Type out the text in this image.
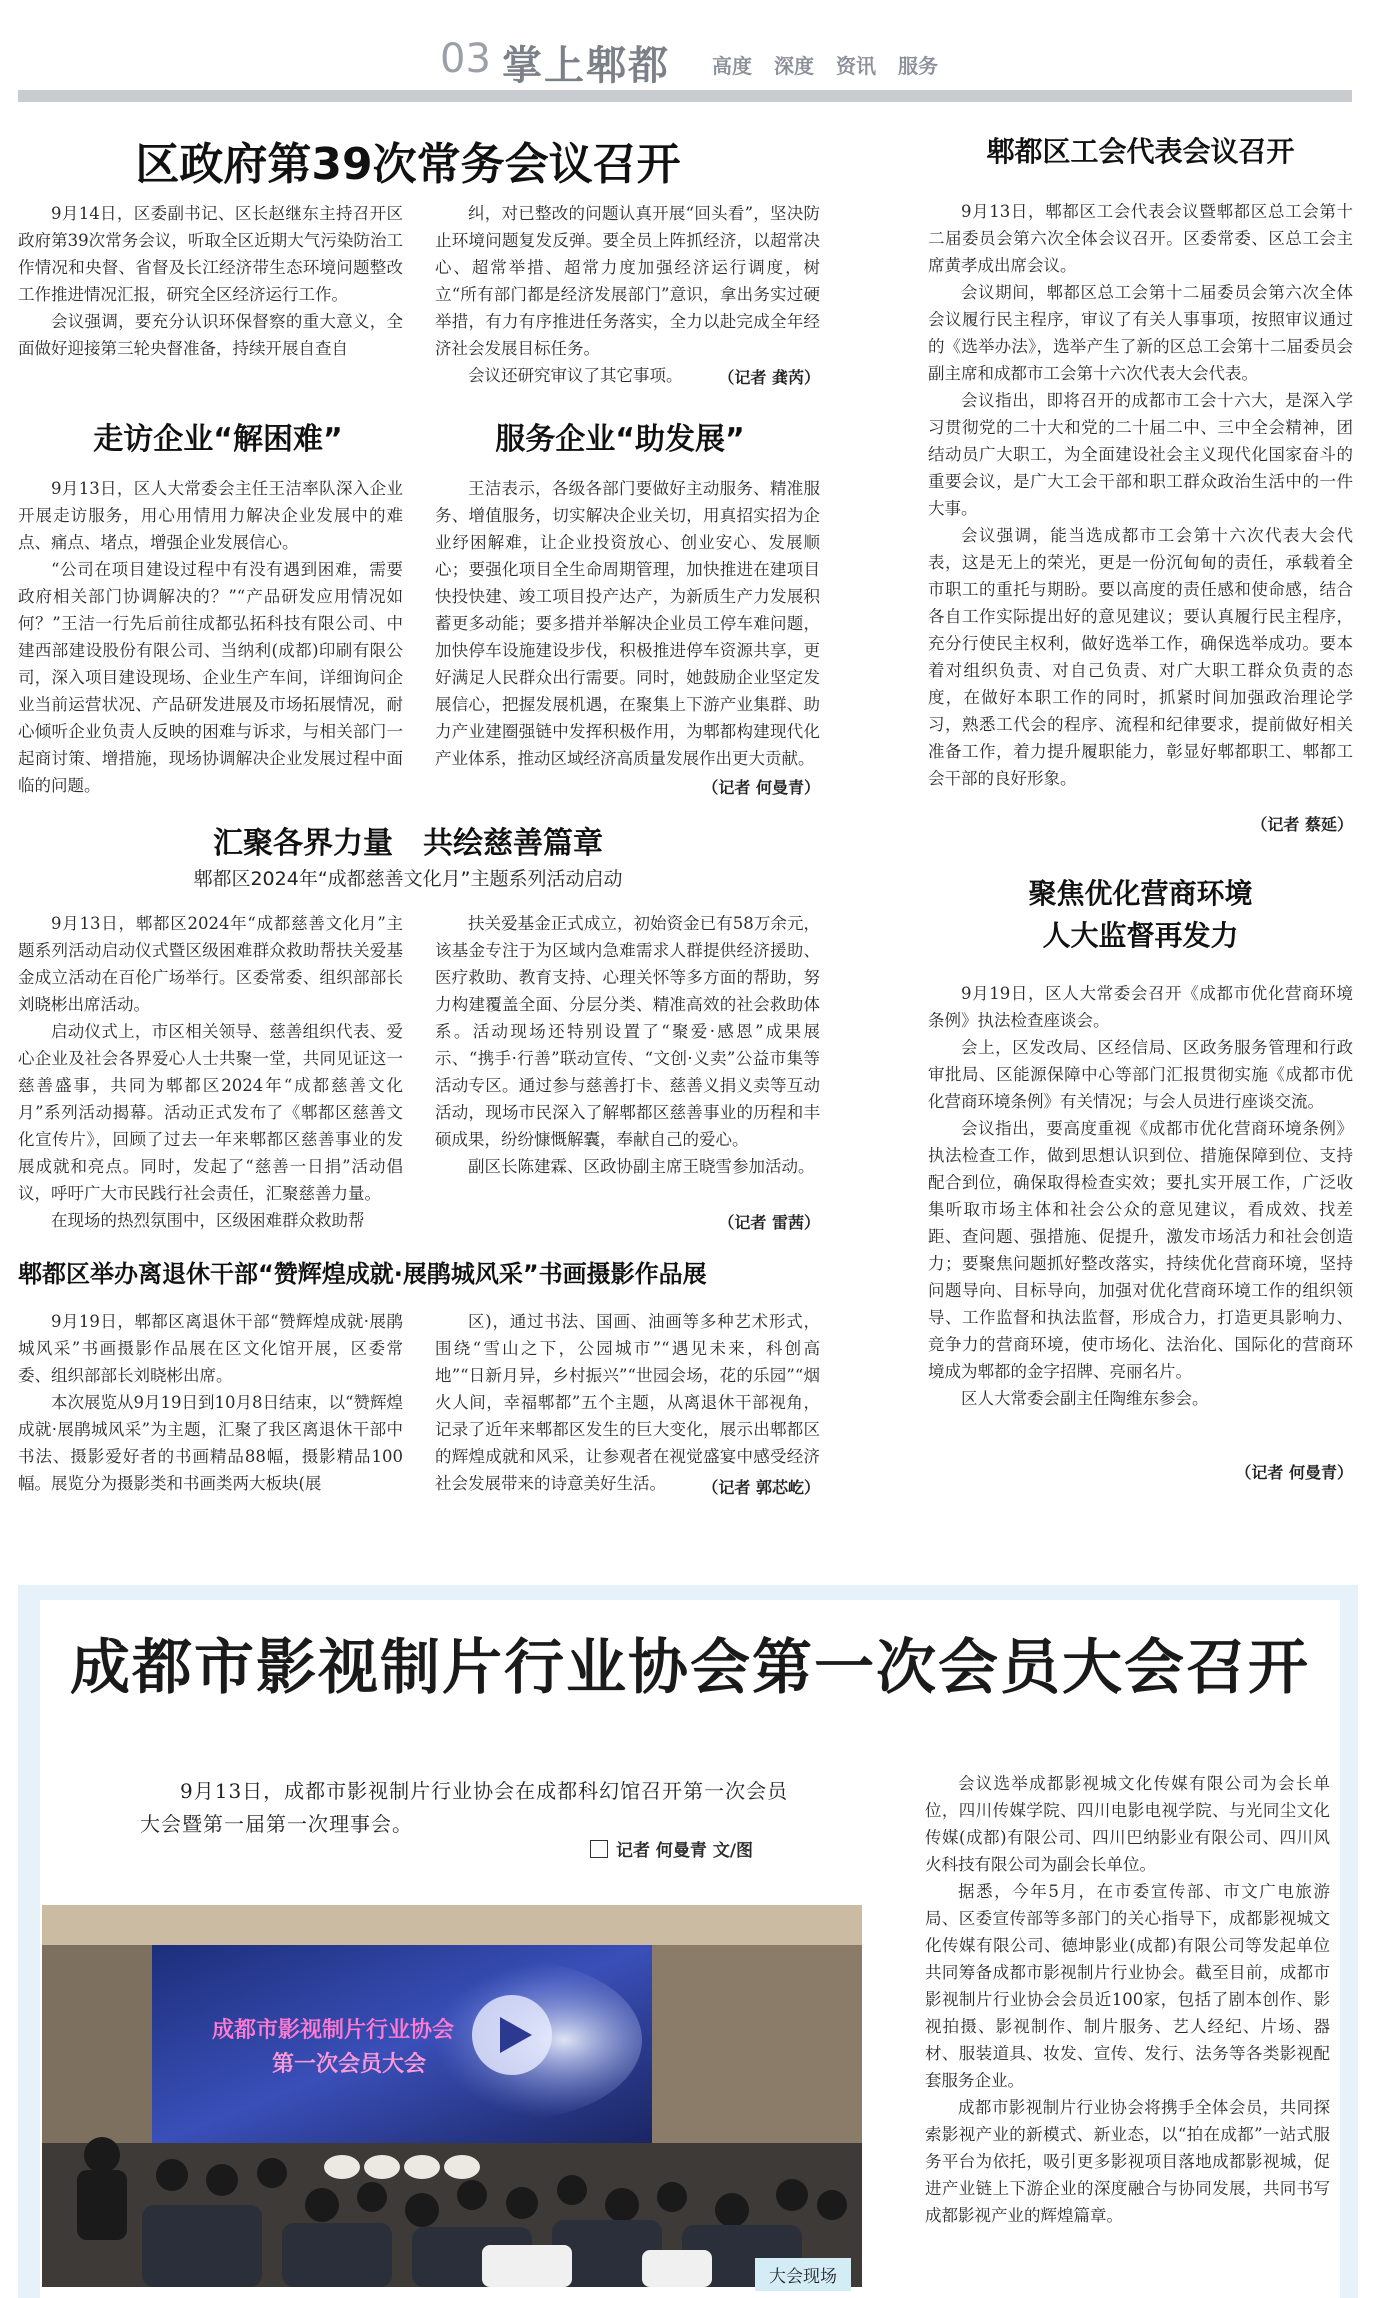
03 掌上郫都 高度 深度 资讯 服务
区政府第39次常务会议召开

9月14日，区委副书记、区长赵继东主持召开区政府第39次常务会议，听取全区近期大气污染防治工作情况和央督、省督及长江经济带生态环境问题整改工作推进情况汇报，研究全区经济运行工作。

会议强调，要充分认识环保督察的重大意义，全面做好迎接第三轮央督准备，持续开展自查自

纠，对已整改的问题认真开展“回头看”，坚决防止环境问题复发反弹。要全员上阵抓经济，以超常决心、超常举措、超常力度加强经济运行调度，树立“所有部门都是经济发展部门”意识，拿出务实过硬举措，有力有序推进任务落实，全力以赴完成全年经济社会发展目标任务。

会议还研究审议了其它事项。	（记者 龚芮）
走访企业“解困难”	服务企业“助发展”

9月13日，区人大常委会主任王洁率队深入企业开展走访服务，用心用情用力解决企业发展中的难点、痛点、堵点，增强企业发展信心。

“公司在项目建设过程中有没有遇到困难，需要政府相关部门协调解决的？”“产品研发应用情况如何？”王洁一行先后前往成都弘拓科技有限公司、中建西部建设股份有限公司、当纳利(成都)印刷有限公司，深入项目建设现场、企业生产车间，详细询问企业当前运营状况、产品研发进展及市场拓展情况，耐心倾听企业负责人反映的困难与诉求，与相关部门一起商讨策、增措施，现场协调解决企业发展过程中面临的问题。

王洁表示，各级各部门要做好主动服务、精准服务、增值服务，切实解决企业关切，用真招实招为企业纾困解难，让企业投资放心、创业安心、发展顺心；要强化项目全生命周期管理，加快推进在建项目快投快建、竣工项目投产达产，为新质生产力发展积蓄更多动能；要多措并举解决企业员工停车难问题，加快停车设施建设步伐，积极推进停车资源共享，更好满足人民群众出行需要。同时，她鼓励企业坚定发展信心，把握发展机遇，在聚集上下游产业集群、助力产业建圈强链中发挥积极作用，为郫都构建现代化产业体系，推动区域经济高质量发展作出更大贡献。

（记者 何曼青）
汇聚各界力量　共绘慈善篇章
郫都区2024年“成都慈善文化月”主题系列活动启动

9月13日，郫都区2024年“成都慈善文化月”主题系列活动启动仪式暨区级困难群众救助帮扶关爱基金成立活动在百伦广场举行。区委常委、组织部部长刘晓彬出席活动。

启动仪式上，市区相关领导、慈善组织代表、爱心企业及社会各界爱心人士共聚一堂，共同见证这一慈善盛事，共同为郫都区2024年“成都慈善文化月”系列活动揭幕。活动正式发布了《郫都区慈善文化宣传片》，回顾了过去一年来郫都区慈善事业的发展成就和亮点。同时，发起了“慈善一日捐”活动倡议，呼吁广大市民践行社会责任，汇聚慈善力量。

在现场的热烈氛围中，区级困难群众救助帮

扶关爱基金正式成立，初始资金已有58万余元，该基金专注于为区域内急难需求人群提供经济援助、医疗救助、教育支持、心理关怀等多方面的帮助，努力构建覆盖全面、分层分类、精准高效的社会救助体系。活动现场还特别设置了“聚爱·感恩”成果展示、“携手·行善”联动宣传、“文创·义卖”公益市集等活动专区。通过参与慈善打卡、慈善义捐义卖等互动活动，现场市民深入了解郫都区慈善事业的历程和丰硕成果，纷纷慷慨解囊，奉献自己的爱心。

副区长陈建霖、区政协副主席王晓雪参加活动。

（记者 雷茜）
郫都区举办离退休干部“赞辉煌成就·展鹃城风采”书画摄影作品展

9月19日，郫都区离退休干部“赞辉煌成就·展鹃城风采”书画摄影作品展在区文化馆开展，区委常委、组织部部长刘晓彬出席。

本次展览从9月19日到10月8日结束，以“赞辉煌成就·展鹃城风采”为主题，汇聚了我区离退休干部中书法、摄影爱好者的书画精品88幅，摄影精品100幅。展览分为摄影类和书画类两大板块(展

区)，通过书法、国画、油画等多种艺术形式，围绕“雪山之下，公园城市”“遇见未来，科创高地”“日新月异，乡村振兴”“世园会场，花的乐园”“烟火人间，幸福郫都”五个主题，从离退休干部视角，记录了近年来郫都区发生的巨大变化，展示出郫都区的辉煌成就和风采，让参观者在视觉盛宴中感受经济社会发展带来的诗意美好生活。	（记者 郭芯屹）
郫都区工会代表会议召开

9月13日，郫都区工会代表会议暨郫都区总工会第十二届委员会第六次全体会议召开。区委常委、区总工会主席黄孝成出席会议。

会议期间，郫都区总工会第十二届委员会第六次全体会议履行民主程序，审议了有关人事事项，按照审议通过的《选举办法》，选举产生了新的区总工会第十二届委员会副主席和成都市工会第十六次代表大会代表。

会议指出，即将召开的成都市工会十六大，是深入学习贯彻党的二十大和党的二十届二中、三中全会精神，团结动员广大职工，为全面建设社会主义现代化国家奋斗的重要会议，是广大工会干部和职工群众政治生活中的一件大事。

会议强调，能当选成都市工会第十六次代表大会代表，这是无上的荣光，更是一份沉甸甸的责任，承载着全市职工的重托与期盼。要以高度的责任感和使命感，结合各自工作实际提出好的意见建议；要认真履行民主程序，充分行使民主权利，做好选举工作，确保选举成功。要本着对组织负责、对自己负责、对广大职工群众负责的态度，在做好本职工作的同时，抓紧时间加强政治理论学习，熟悉工代会的程序、流程和纪律要求，提前做好相关准备工作，着力提升履职能力，彰显好郫都职工、郫都工会干部的良好形象。

（记者 蔡延）
聚焦优化营商环境
人大监督再发力

9月19日，区人大常委会召开《成都市优化营商环境条例》执法检查座谈会。

会上，区发改局、区经信局、区政务服务管理和行政审批局、区能源保障中心等部门汇报贯彻实施《成都市优化营商环境条例》有关情况；与会人员进行座谈交流。

会议指出，要高度重视《成都市优化营商环境条例》执法检查工作，做到思想认识到位、措施保障到位、支持配合到位，确保取得检查实效；要扎实开展工作，广泛收集听取市场主体和社会公众的意见建议，看成效、找差距、查问题、强措施、促提升，激发市场活力和社会创造力；要聚焦问题抓好整改落实，持续优化营商环境，坚持问题导向、目标导向，加强对优化营商环境工作的组织领导、工作监督和执法监督，形成合力，打造更具影响力、竞争力的营商环境，使市场化、法治化、国际化的营商环境成为郫都的金字招牌、亮丽名片。

区人大常委会副主任陶维东参会。

（记者 何曼青）
成都市影视制片行业协会第一次会员大会召开

9月13日，成都市影视制片行业协会在成都科幻馆召开第一次会员大会暨第一届第一次理事会。

记者 何曼青 文/图
成都市影视制片行业协会
第一次会员大会
大会现场

会议选举成都影视城文化传媒有限公司为会长单位，四川传媒学院、四川电影电视学院、与光同尘文化传媒(成都)有限公司、四川巴纳影业有限公司、四川风火科技有限公司为副会长单位。

据悉，今年5月，在市委宣传部、市文广电旅游局、区委宣传部等多部门的关心指导下，成都影视城文化传媒有限公司、德坤影业(成都)有限公司等发起单位共同筹备成都市影视制片行业协会。截至目前，成都市影视制片行业协会会员近100家，包括了剧本创作、影视拍摄、影视制作、制片服务、艺人经纪、片场、器材、服装道具、妆发、宣传、发行、法务等各类影视配套服务企业。

成都市影视制片行业协会将携手全体会员，共同探索影视产业的新模式、新业态，以“拍在成都”一站式服务平台为依托，吸引更多影视项目落地成都影视城，促进产业链上下游企业的深度融合与协同发展，共同书写成都影视产业的辉煌篇章。
